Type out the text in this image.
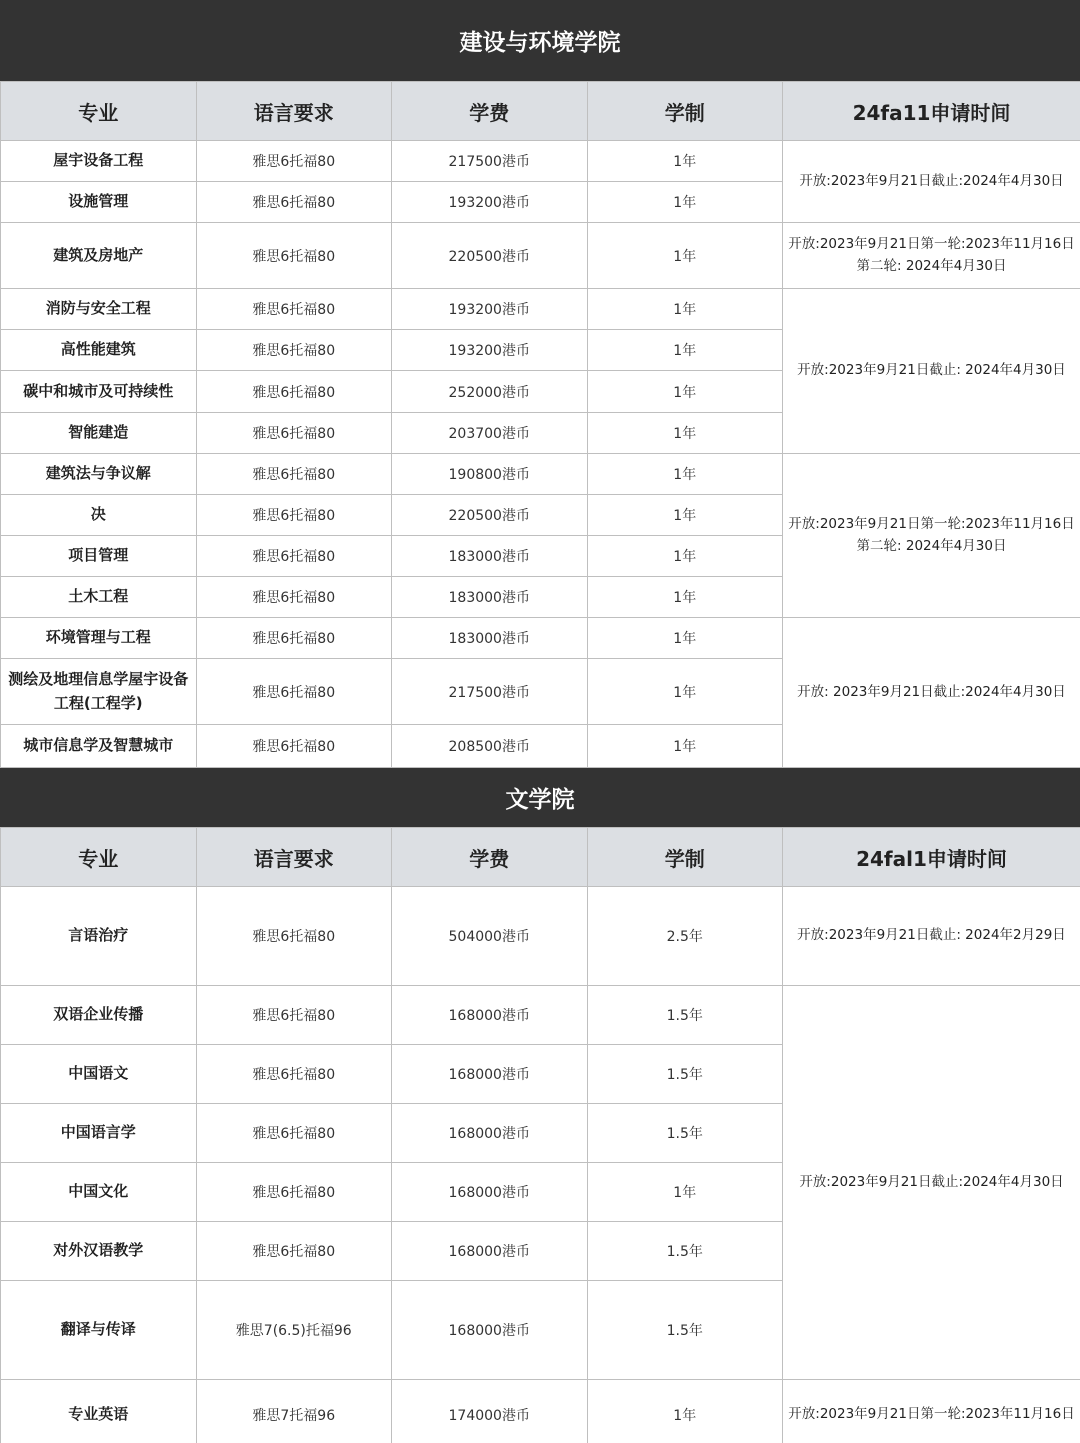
建设与环境学院
专业	语言要求	学费	学制	24fa11申请时间
屋宇设备工程	雅思6托福80	217500港币	1年	开放:2023年9月21日截止:2024年4月30日

设施管理	雅思6托福80	193200港币	1年	
建筑及房地产	雅思6托福80	220500港币	1年	开放:2023年9月21日第一轮:2023年11月16日
第二轮: 2024年4月30日

消防与安全工程	雅思6托福80	193200港币	1年	开放:2023年9月21日截止: 2024年4月30日

高性能建筑	雅思6托福80	193200港币	1年	
碳中和城市及可持续性	雅思6托福80	252000港币	1年	
智能建造	雅思6托福80	203700港币	1年	
建筑法与争议解	雅思6托福80	190800港币	1年	开放:2023年9月21日第一轮:2023年11月16日
第二轮: 2024年4月30日

决	雅思6托福80	220500港币	1年	
项目管理	雅思6托福80	183000港币	1年	
土木工程	雅思6托福80	183000港币	1年	
环境管理与工程	雅思6托福80	183000港币	1年	开放: 2023年9月21日截止:2024年4月30日

测绘及地理信息学屋宇设备工程(工程学)	雅思6托福80	217500港币	1年	
城市信息学及智慧城市	雅思6托福80	208500港币	1年	
文学院
专业	语言要求	学费	学制	24fal1申请时间
言语治疗	雅思6托福80	504000港币	2.5年	开放:2023年9月21日截止: 2024年2月29日

双语企业传播	雅思6托福80	168000港币	1.5年	开放:2023年9月21日截止:2024年4月30日

中国语文	雅思6托福80	168000港币	1.5年	
中国语言学	雅思6托福80	168000港币	1.5年	
中国文化	雅思6托福80	168000港币	1年	
对外汉语教学	雅思6托福80	168000港币	1.5年	
翻译与传译	雅思7(6.5)托福96	168000港币	1.5年	
专业英语	雅思7托福96	174000港币	1年	开放:2023年9月21日第一轮:2023年11月16日
